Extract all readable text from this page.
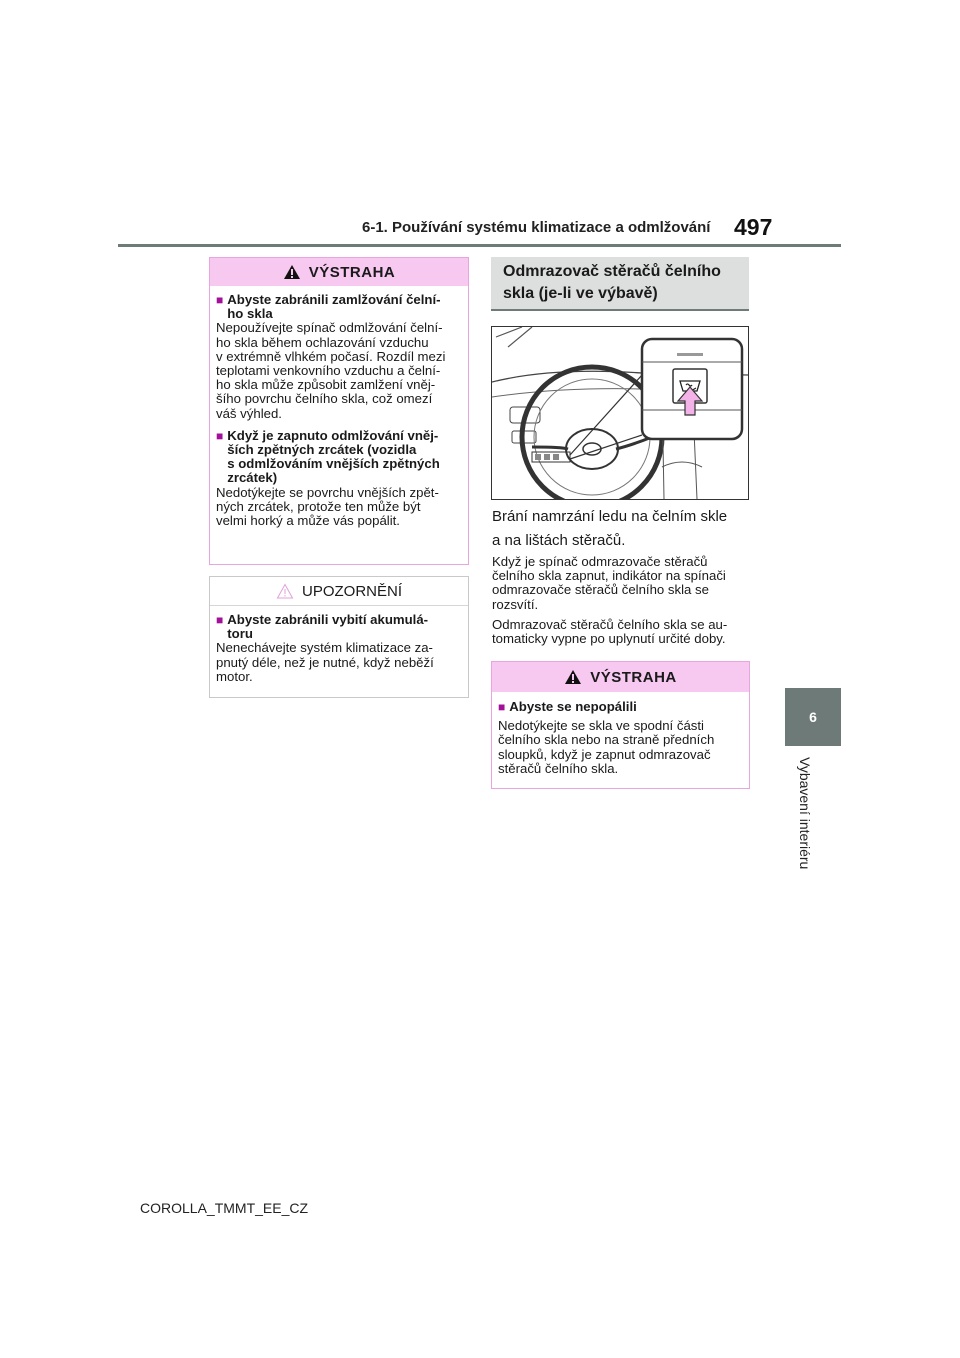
6-1. Používání systému klimatizace a odmlžování 497
6
Vybavení interiéru
VÝSTRAHA
■ Abyste zabránili zamlžování čelní-
ho skla
Nepoužívejte spínač odmlžování čelní-
ho skla během ochlazování vzduchu
v extrémně vlhkém počasí. Rozdíl mezi
teplotami venkovního vzduchu a čelní-
ho skla může způsobit zamlžení vněj-
šího povrchu čelního skla, což omezí
váš výhled.
■ Když je zapnuto odmlžování vněj-
ších zpětných zrcátek (vozidla
s odmlžováním vnějších zpětných
zrcátek)
Nedotýkejte se povrchu vnějších zpět-
ných zrcátek, protože ten může být
velmi horký a může vás popálit.
UPOZORNĚNÍ
■ Abyste zabránili vybití akumulá-
toru
Nenechávejte systém klimatizace za-
pnutý déle, než je nutné, když neběží
motor.
Odmrazovač stěračů čelního
skla (je-li ve výbavě)
Brání namrzání ledu na čelním skle
a na lištách stěračů.

Když je spínač odmrazovače stěračů
čelního skla zapnut, indikátor na spínači
odmrazovače stěračů čelního skla se
rozsvítí.

Odmrazovač stěračů čelního skla se au-
tomaticky vypne po uplynutí určité doby.

VÝSTRAHA
■ Abyste se nepopálili
Nedotýkejte se skla ve spodní části
čelního skla nebo na straně předních
sloupků, když je zapnut odmrazovač
stěračů čelního skla.
COROLLA_TMMT_EE_CZ
